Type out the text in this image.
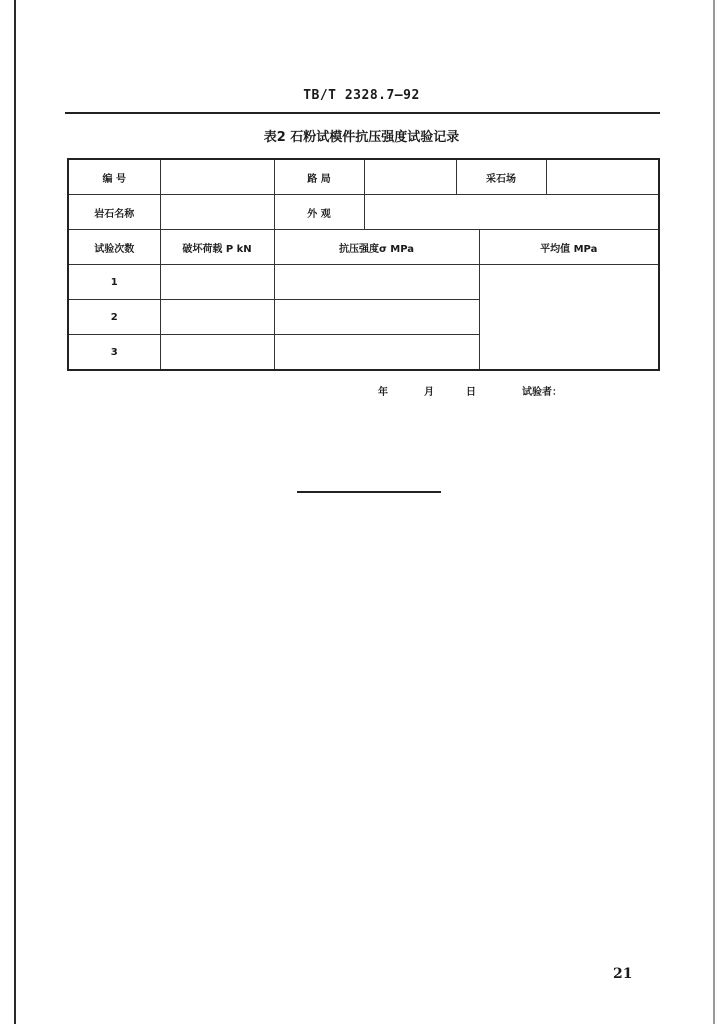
TB/T 2328.7—92
表2 石粉试模件抗压强度试验记录
编 号		路 局		采石场		
岩石名称		外 观				
试验次数	破坏荷载 P kN	抗压强度σ MPa			平均值 MPa	
1						
2						
3						
年	月	日	试验者：
21
